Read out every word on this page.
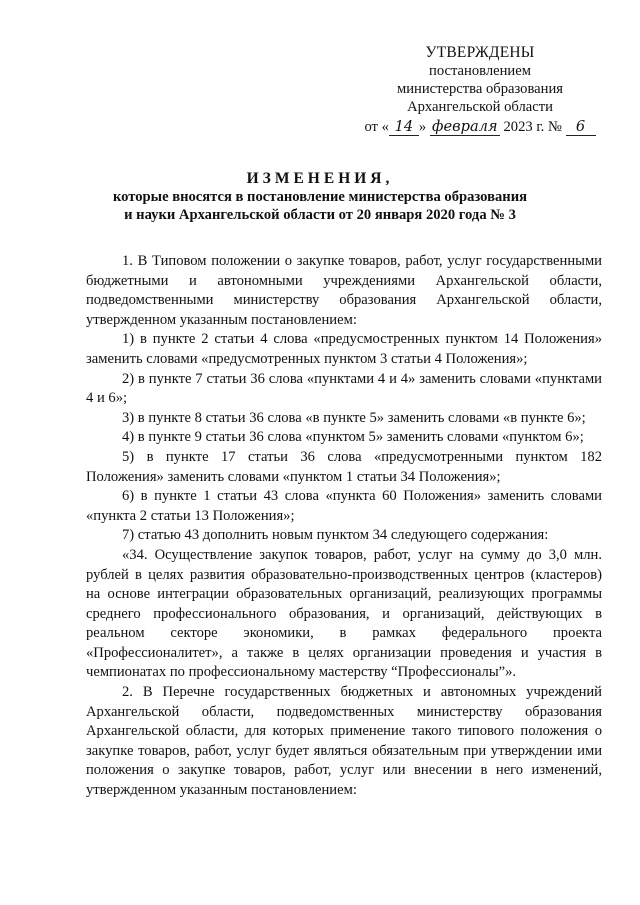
УТВЕРЖДЕНЫ
постановлением
министерства образования
Архангельской области
от « 14 » февраля 2023 г. № 6
ИЗМЕНЕНИЯ,
которые вносятся в постановление министерства образования
и науки Архангельской области от 20 января 2020 года № 3

1. В Типовом положении о закупке товаров, работ, услуг государственными бюджетными и автономными учреждениями Архангельской области, подведомственными министерству образования Архангельской области, утвержденном указанным постановлением:

1) в пункте 2 статьи 4 слова «предусмостренных пунктом 14 Положения» заменить словами «предусмотренных пунктом 3 статьи 4 Положения»;

2) в пункте 7 статьи 36 слова «пунктами 4 и 4» заменить словами «пунктами 4 и 6»;

3) в пункте 8 статьи 36 слова «в пункте 5» заменить словами «в пункте 6»;

4) в пункте 9 статьи 36 слова «пунктом 5» заменить словами «пунктом 6»;

5) в пункте 17 статьи 36 слова «предусмотренными пунктом 182 Положения» заменить словами «пунктом 1 статьи 34 Положения»;

6) в пункте 1 статьи 43 слова «пункта 60 Положения» заменить словами «пункта 2 статьи 13 Положения»;

7) статью 43 дополнить новым пунктом 34 следующего содержания:

«34. Осуществление закупок товаров, работ, услуг на сумму до 3,0 млн. рублей в целях развития образовательно-производственных центров (кластеров) на основе интеграции образовательных организаций, реализующих программы среднего профессионального образования, и организаций, действующих в реальном секторе экономики, в рамках федерального проекта «Профессионалитет», а также в целях организации проведения и участия в чемпионатах по профессиональному мастерству “Профессионалы”».

2. В Перечне государственных бюджетных и автономных учреждений Архангельской области, подведомственных министерству образования Архангельской области, для которых применение такого типового положения о закупке товаров, работ, услуг будет являться обязательным при утверждении ими положения о закупке товаров, работ, услуг или внесении в него изменений, утвержденном указанным постановлением:
